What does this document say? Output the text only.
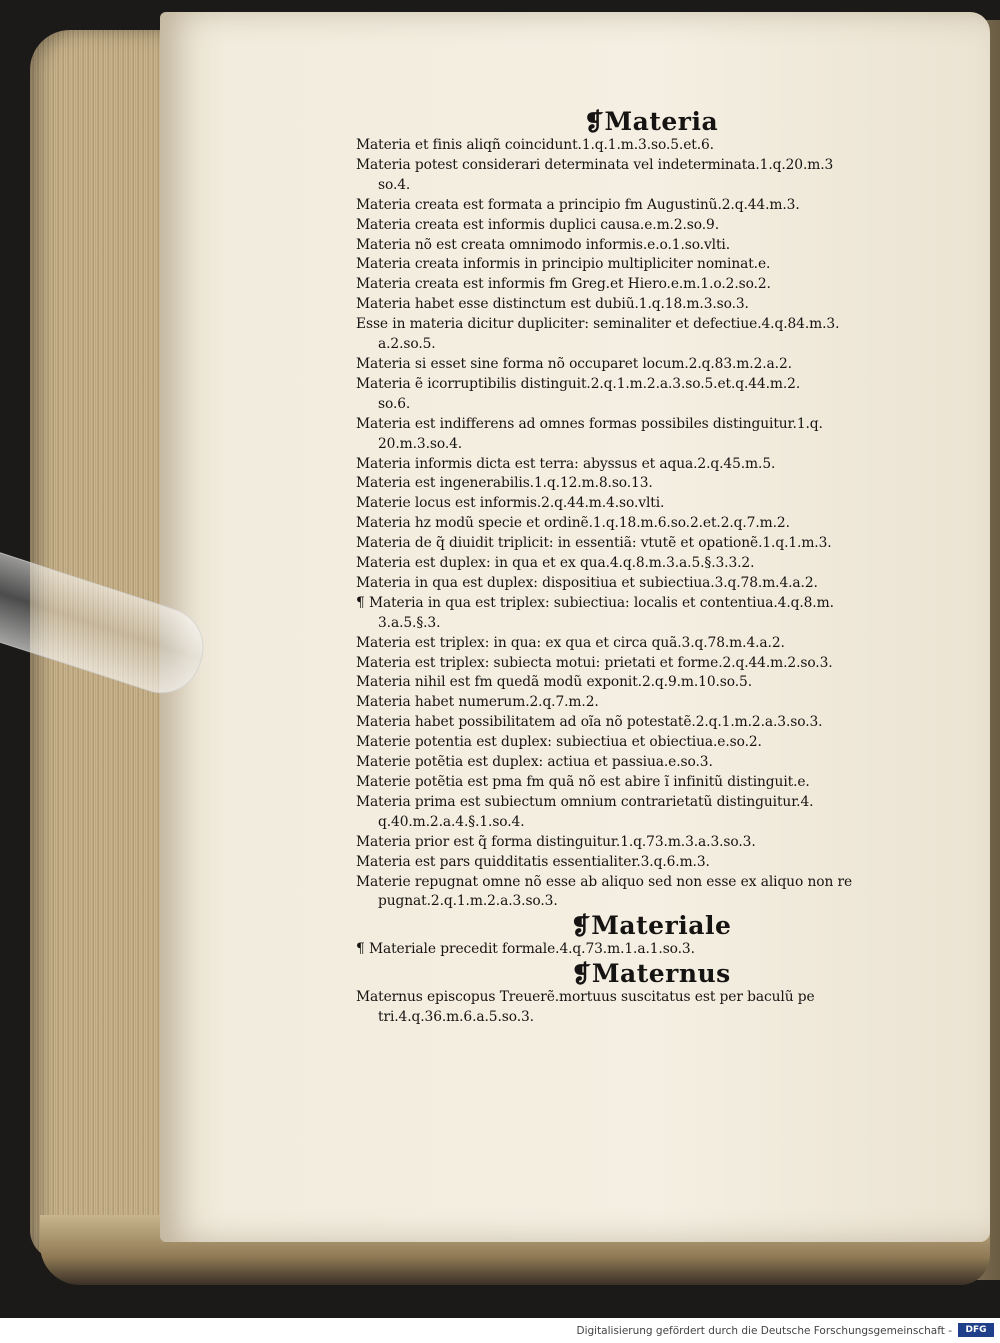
❡Materia
Materia et finis aliqñ coincidunt.1.q.1.m.3.so.5.et.6.
Materia potest considerari determinata vel indeterminata.1.q.20.m.3
so.4.
Materia creata est formata a principio fm Augustinũ.2.q.44.m.3.
Materia creata est informis duplici causa.e.m.2.so.9.
Materia nõ est creata omnimodo informis.e.o.1.so.vlti.
Materia creata informis in principio multipliciter nominat.e.
Materia creata est informis fm Greg.et Hiero.e.m.1.o.2.so.2.
Materia habet esse distinctum est dubiũ.1.q.18.m.3.so.3.
Esse in materia dicitur dupliciter: seminaliter et defectiue.4.q.84.m.3.
a.2.so.5.
Materia si esset sine forma nõ occuparet locum.2.q.83.m.2.a.2.
Materia ẽ icorruptibilis distinguit.2.q.1.m.2.a.3.so.5.et.q.44.m.2.
so.6.
Materia est indifferens ad omnes formas possibiles distinguitur.1.q.
20.m.3.so.4.
Materia informis dicta est terra: abyssus et aqua.2.q.45.m.5.
Materia est ingenerabilis.1.q.12.m.8.so.13.
Materie locus est informis.2.q.44.m.4.so.vlti.
Materia hz modũ specie et ordinẽ.1.q.18.m.6.so.2.et.2.q.7.m.2.
Materia de q̃ diuidit triplicit: in essentiã: vtutẽ et opationẽ.1.q.1.m.3.
Materia est duplex: in qua et ex qua.4.q.8.m.3.a.5.§.3.3.2.
Materia in qua est duplex: dispositiua et subiectiua.3.q.78.m.4.a.2.
¶ Materia in qua est triplex: subiectiua: localis et contentiua.4.q.8.m.
3.a.5.§.3.
Materia est triplex: in qua: ex qua et circa quã.3.q.78.m.4.a.2.
Materia est triplex: subiecta motui: prietati et forme.2.q.44.m.2.so.3.
Materia nihil est fm quedã modũ exponit.2.q.9.m.10.so.5.
Materia habet numerum.2.q.7.m.2.
Materia habet possibilitatem ad oĩa nõ potestatẽ.2.q.1.m.2.a.3.so.3.
Materie potentia est duplex: subiectiua et obiectiua.e.so.2.
Materie potẽtia est duplex: actiua et passiua.e.so.3.
Materie potẽtia est pma fm quã nõ est abire ĩ infinitũ distinguit.e.
Materia prima est subiectum omnium contrarietatũ distinguitur.4.
q.40.m.2.a.4.§.1.so.4.
Materia prior est q̃ forma distinguitur.1.q.73.m.3.a.3.so.3.
Materia est pars quidditatis essentialiter.3.q.6.m.3.
Materie repugnat omne nõ esse ab aliquo sed non esse ex aliquo non re
pugnat.2.q.1.m.2.a.3.so.3.
❡Materiale
¶ Materiale precedit formale.4.q.73.m.1.a.1.so.3.
❡Maternus
Maternus episcopus Treuerẽ.mortuus suscitatus est per baculũ pe
tri.4.q.36.m.6.a.5.so.3.
Digitalisierung gefördert durch die Deutsche Forschungsgemeinschaft -	DFG
